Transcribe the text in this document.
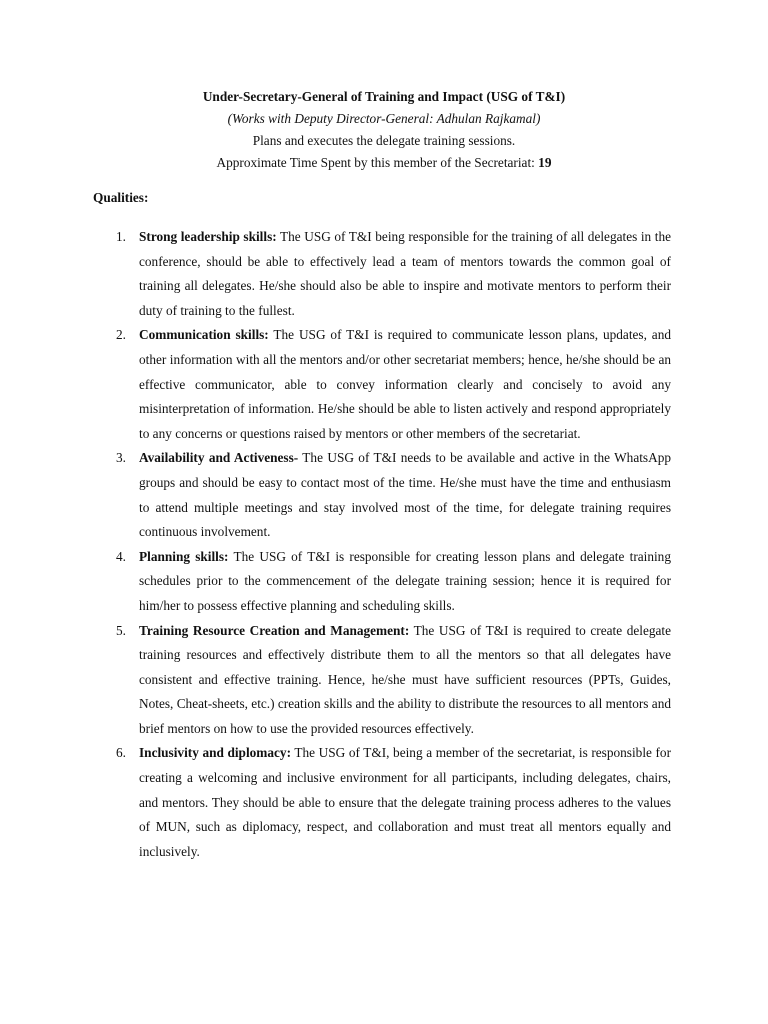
Under-Secretary-General of Training and Impact (USG of T&I)
(Works with Deputy Director-General: Adhulan Rajkamal)
Plans and executes the delegate training sessions.
Approximate Time Spent by this member of the Secretariat: 19
Qualities:
1. Strong leadership skills: The USG of T&I being responsible for the training of all delegates in the conference, should be able to effectively lead a team of mentors towards the common goal of training all delegates. He/she should also be able to inspire and motivate mentors to perform their duty of training to the fullest.
2. Communication skills: The USG of T&I is required to communicate lesson plans, updates, and other information with all the mentors and/or other secretariat members; hence, he/she should be an effective communicator, able to convey information clearly and concisely to avoid any misinterpretation of information. He/she should be able to listen actively and respond appropriately to any concerns or questions raised by mentors or other members of the secretariat.
3. Availability and Activeness- The USG of T&I needs to be available and active in the WhatsApp groups and should be easy to contact most of the time. He/she must have the time and enthusiasm to attend multiple meetings and stay involved most of the time, for delegate training requires continuous involvement.
4. Planning skills: The USG of T&I is responsible for creating lesson plans and delegate training schedules prior to the commencement of the delegate training session; hence it is required for him/her to possess effective planning and scheduling skills.
5. Training Resource Creation and Management: The USG of T&I is required to create delegate training resources and effectively distribute them to all the mentors so that all delegates have consistent and effective training. Hence, he/she must have sufficient resources (PPTs, Guides, Notes, Cheat-sheets, etc.) creation skills and the ability to distribute the resources to all mentors and brief mentors on how to use the provided resources effectively.
6. Inclusivity and diplomacy: The USG of T&I, being a member of the secretariat, is responsible for creating a welcoming and inclusive environment for all participants, including delegates, chairs, and mentors. They should be able to ensure that the delegate training process adheres to the values of MUN, such as diplomacy, respect, and collaboration and must treat all mentors equally and inclusively.
